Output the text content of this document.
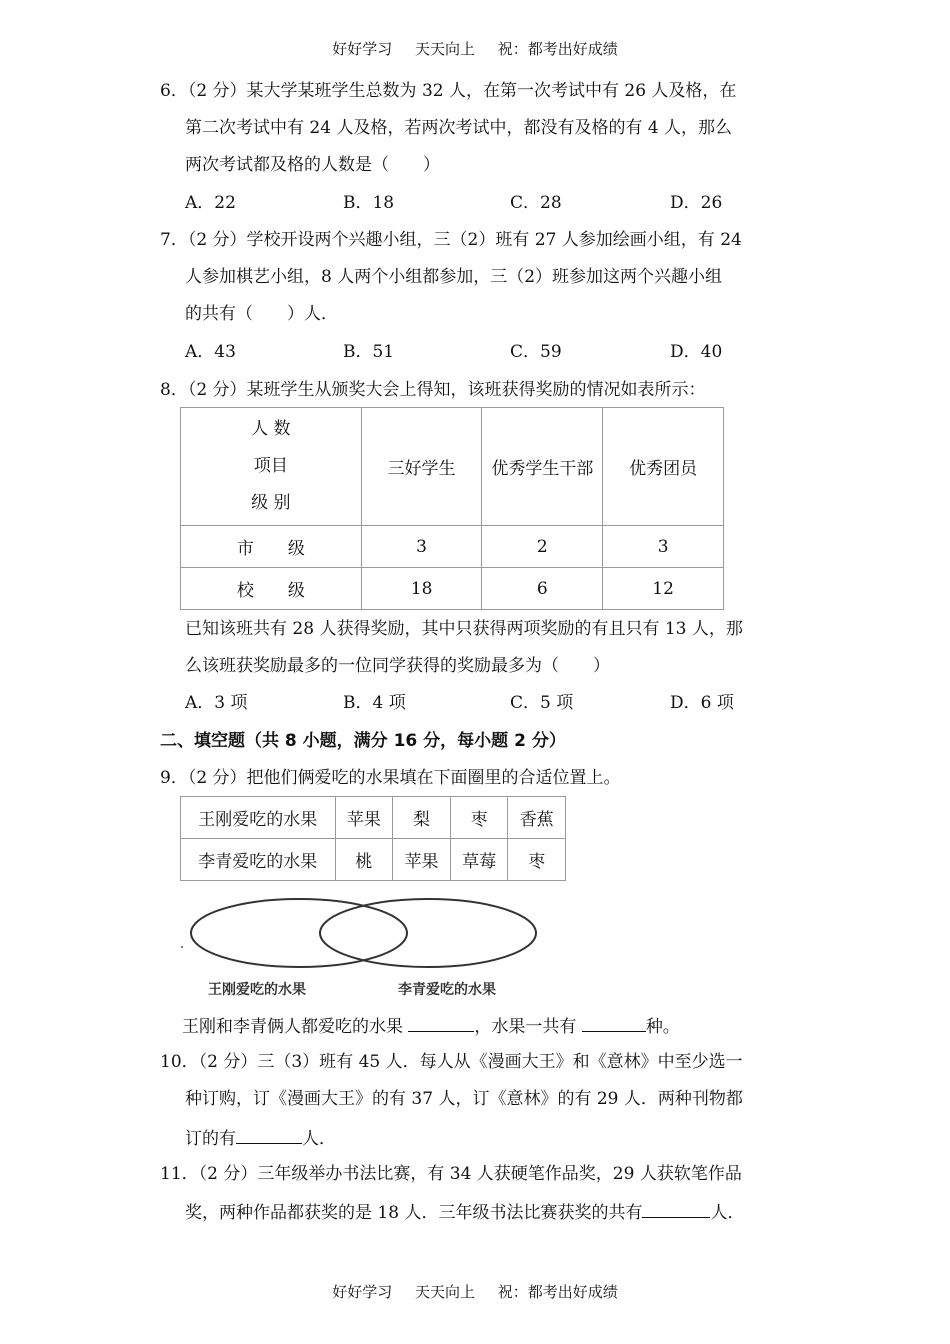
好好学习 天天向上 祝：都考出好成绩
6．（2 分）某大学某班学生总数为 32 人，在第一次考试中有 26 人及格，在
第二次考试中有 24 人及格，若两次考试中，都没有及格的有 4 人，那么
两次考试都及格的人数是（　　）
A．22	B．18	C．28	D．26
7．（2 分）学校开设两个兴趣小组，三（2）班有 27 人参加绘画小组，有 24
人参加棋艺小组，8 人两个小组都参加，三（2）班参加这两个兴趣小组
的共有（　　）人．
A．43	B．51	C．59	D．40
8．（2 分）某班学生从颁奖大会上得知，该班获得奖励的情况如表所示：
人 数
项目
级 别	三好学生	优秀学生干部	优秀团员
市　　级	3	2	3
校　　级	18	6	12
已知该班共有 28 人获得奖励，其中只获得两项奖励的有且只有 13 人，那
么该班获奖励最多的一位同学获得的奖励最多为（　　）
A．3 项	B．4 项	C．5 项	D．6 项
二、填空题（共 8 小题，满分 16 分，每小题 2 分）
9．（2 分）把他们俩爱吃的水果填在下面圈里的合适位置上。
王刚爱吃的水果	苹果	梨	枣	香蕉
李青爱吃的水果	桃	苹果	草莓	枣
王刚爱吃的水果	李青爱吃的水果
王刚和李青俩人都爱吃的水果	，水果一共有	种。
10．（2 分）三（3）班有 45 人．每人从《漫画大王》和《意林》中至少选一
种订购，订《漫画大王》的有 37 人，订《意林》的有 29 人．两种刊物都
订的有	人．
11．（2 分）三年级举办书法比赛，有 34 人获硬笔作品奖，29 人获软笔作品
奖，两种作品都获奖的是 18 人．三年级书法比赛获奖的共有	人．
好好学习 天天向上 祝：都考出好成绩
